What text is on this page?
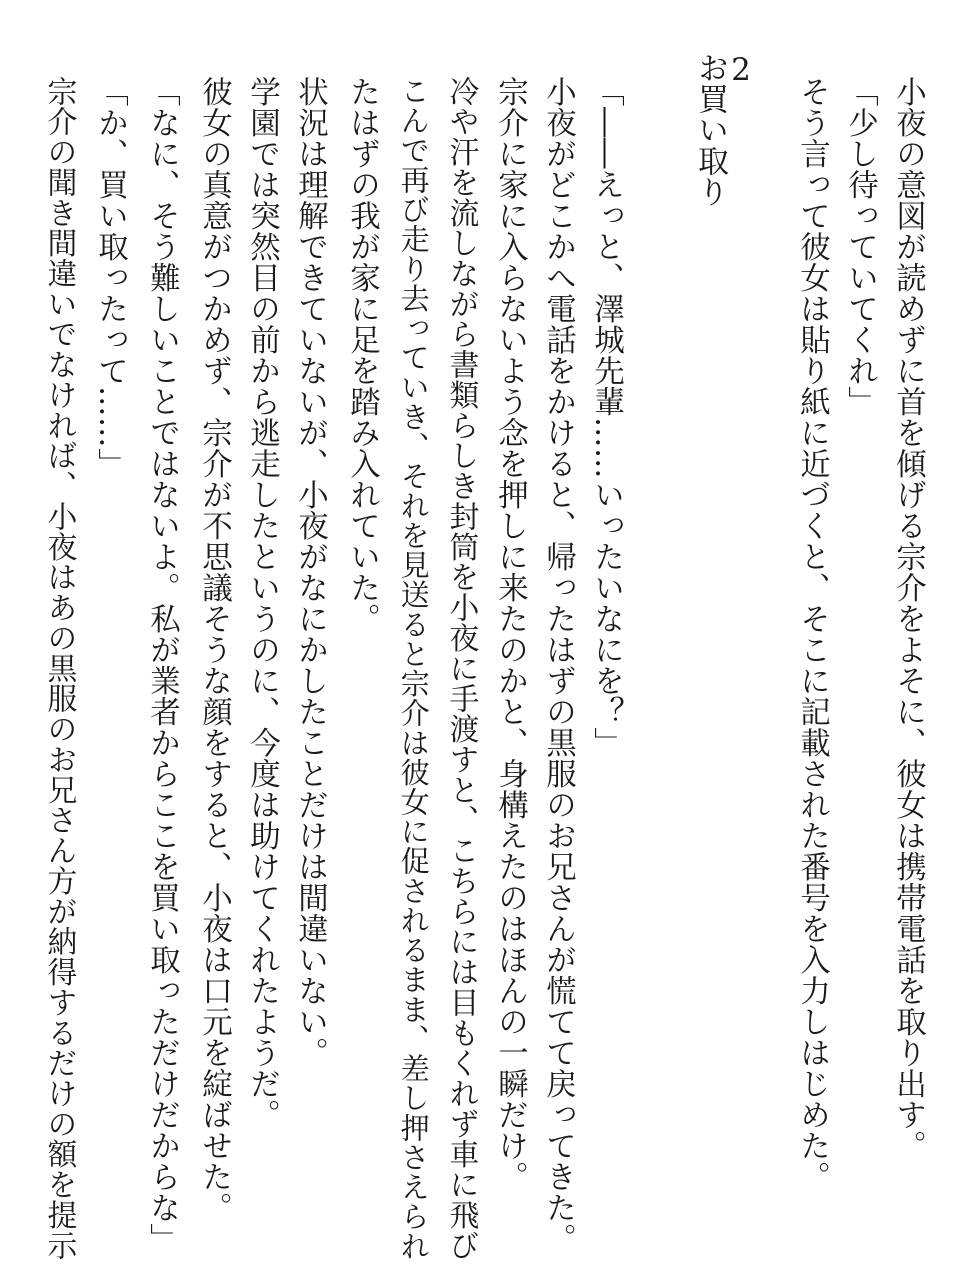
2
お買い取り	小夜の意図が読めずに首を傾げる宗介をよそに、彼女は携帯電話を取り出す。
「少し待っていてくれ」
そう言って彼女は貼り紙に近づくと、そこに記載された番号を入力しはじめた。
「――えっと、澤城先輩……いったいなにを？」
小夜がどこかへ電話をかけると、帰ったはずの黒服のお兄さんが慌てて戻ってきた。
宗介に家に入らないよう念を押しに来たのかと、身構えたのはほんの一瞬だけ。
冷や汗を流しながら書類らしき封筒を小夜に手渡すと、こちらには目もくれず車に飛び
こんで再び走り去っていき、それを見送ると宗介は彼女に促されるまま、差し押さえられ
たはずの我が家に足を踏み入れていた。
状況は理解できていないが、小夜がなにかしたことだけは間違いない。
学園では突然目の前から逃走したというのに、今度は助けてくれたようだ。
彼女の真意がつかめず、宗介が不思議そうな顔をすると、小夜は口元を綻ばせた。
「なに、そう難しいことではないよ。私が業者からここを買い取っただけだからな」
「か、買い取ったって……」
宗介の聞き間違いでなければ、小夜はあの黒服のお兄さん方が納得するだけの額を提示
